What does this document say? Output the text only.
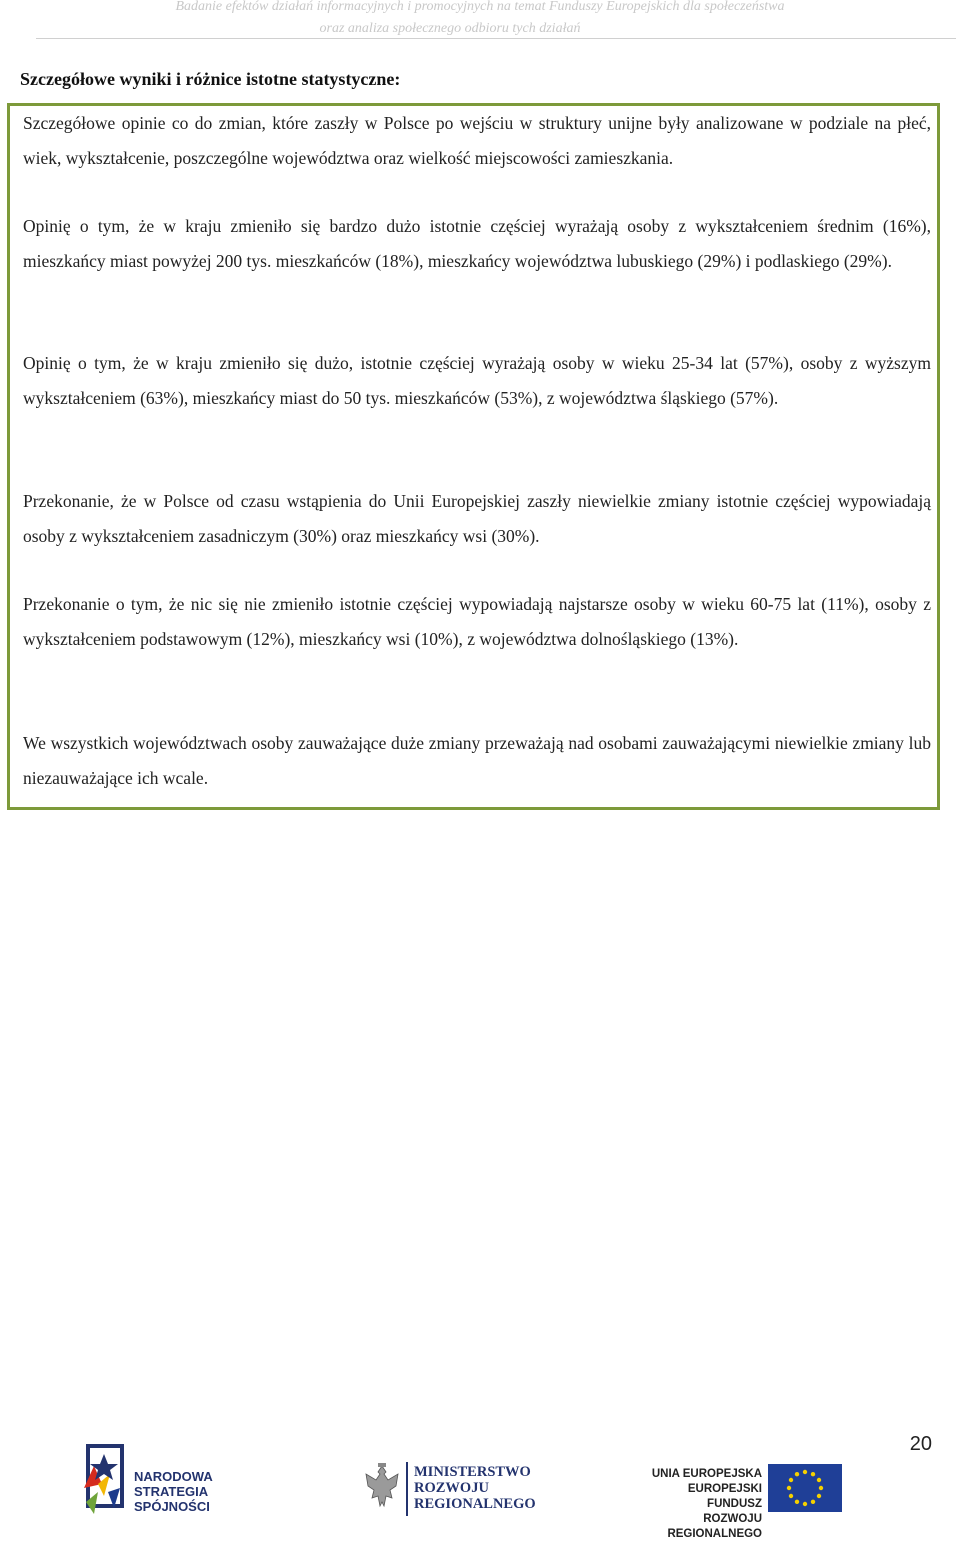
Badanie efektów działań informacyjnych i promocyjnych na temat Funduszy Europejskich dla społeczeństwa
oraz analiza społecznego odbioru tych działań
Szczegółowe wyniki i różnice istotne statystyczne:
Szczegółowe opinie co do zmian, które zaszły w Polsce po wejściu w struktury unijne były analizowane w podziale na płeć, wiek, wykształcenie, poszczególne województwa oraz wielkość miejscowości zamieszkania.
Opinię o tym, że w kraju zmieniło się bardzo dużo istotnie częściej wyrażają osoby z wykształceniem średnim (16%), mieszkańcy miast powyżej 200 tys. mieszkańców (18%), mieszkańcy województwa lubuskiego (29%) i podlaskiego (29%).
Opinię o tym, że w kraju zmieniło się dużo, istotnie częściej wyrażają osoby w wieku 25-34 lat (57%), osoby z wyższym wykształceniem (63%), mieszkańcy miast do 50 tys. mieszkańców (53%), z województwa śląskiego (57%).
Przekonanie, że w Polsce od czasu wstąpienia do Unii Europejskiej zaszły niewielkie zmiany istotnie częściej wypowiadają osoby z wykształceniem zasadniczym (30%) oraz mieszkańcy wsi (30%).
Przekonanie o tym, że nic się nie zmieniło istotnie częściej wypowiadają najstarsze osoby w wieku 60-75 lat (11%), osoby z wykształceniem podstawowym (12%), mieszkańcy wsi (10%), z województwa dolnośląskiego (13%).
We wszystkich województwach osoby zauważające duże zmiany przeważają nad osobami zauważającymi niewielkie zmiany lub niezauważające ich wcale.
20
NARODOWA
STRATEGIA SPÓJNOŚCI
MINISTERSTWO
ROZWOJU
REGIONALNEGO
UNIA EUROPEJSKA
EUROPEJSKI FUNDUSZ
ROZWOJU REGIONALNEGO
